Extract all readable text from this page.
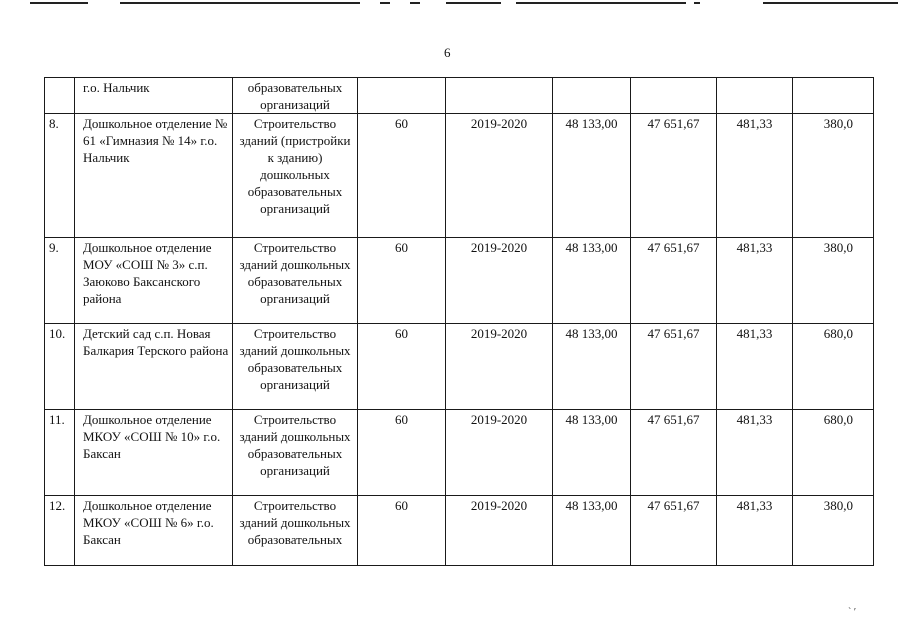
6
	г.о. Нальчик	образовательных организаций						
8.	Дошкольное отделение № 61 «Гимназия № 14» г.о. Нальчик	Строительство зданий (пристройки к зданию) дошкольных образовательных организаций	60	2019-2020	48 133,00	47 651,67	481,33	380,0
9.	Дошкольное отделение МОУ «СОШ № 3» с.п. Заюково Баксанского района	Строительство зданий дошкольных образовательных организаций	60	2019-2020	48 133,00	47 651,67	481,33	380,0
10.	Детский сад с.п. Новая Балкария Терского района	Строительство зданий дошкольных образовательных организаций	60	2019-2020	48 133,00	47 651,67	481,33	680,0
11.	Дошкольное отделение МКОУ «СОШ № 10» г.о. Баксан	Строительство зданий дошкольных образовательных организаций	60	2019-2020	48 133,00	47 651,67	481,33	680,0
12.	Дошкольное отделение МКОУ «СОШ № 6» г.о. Баксан	Строительство зданий дошкольных образовательных	60	2019-2020	48 133,00	47 651,67	481,33	380,0
` ′
